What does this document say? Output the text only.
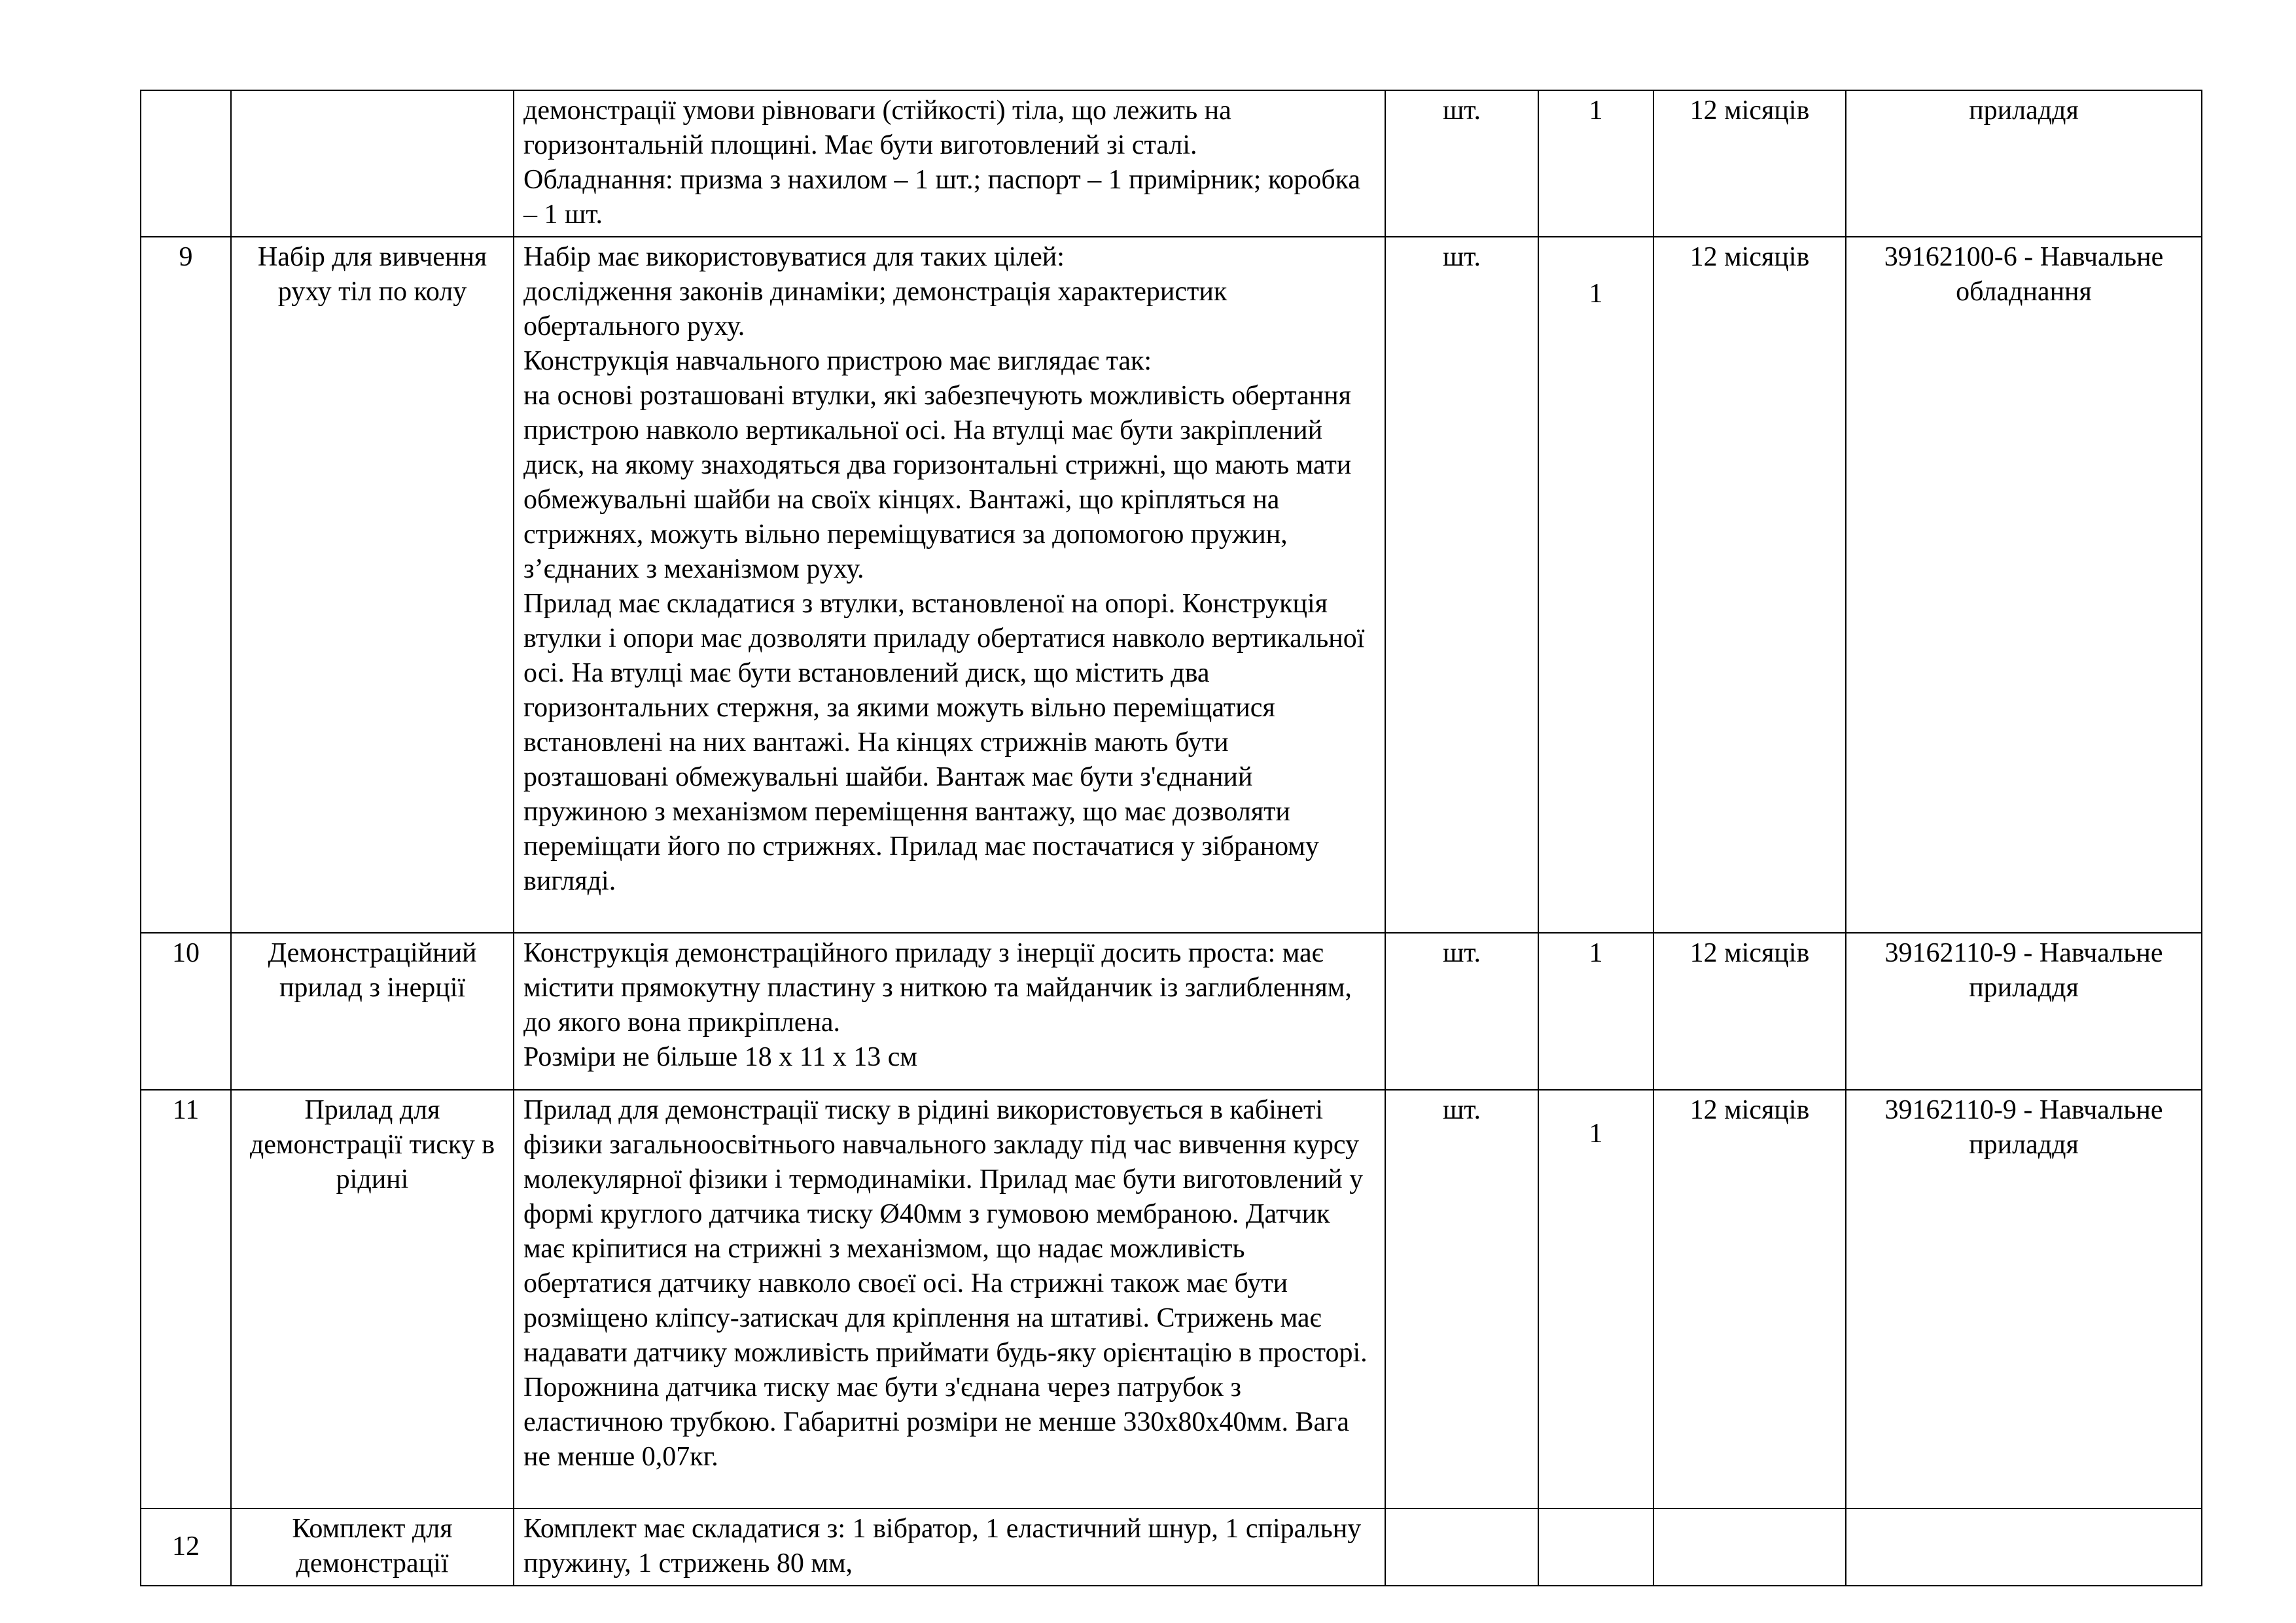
		демонстрації умови рівноваги (стійкості) тіла, що лежить на горизонтальній площині. Має бути виготовлений зі сталі.
Обладнання: призма з нахилом – 1 шт.; паспорт – 1 примірник; коробка – 1 шт.	шт.	1	12 місяців	приладдя
9	Набір для вивчення руху тіл по колу	Набір має використовуватися для таких цілей:
дослідження законів динаміки; демонстрація характеристик обертального руху.
Конструкція навчального пристрою має виглядає так:
на основі розташовані втулки, які забезпечують можливість обертання пристрою навколо вертикальної осі. На втулці має бути закріплений диск, на якому знаходяться два горизонтальні стрижні, що мають мати обмежувальні шайби на своїх кінцях. Вантажі, що кріпляться на стрижнях, можуть вільно переміщуватися за допомогою пружин, з’єднаних з механізмом руху.
Прилад має складатися з втулки, встановленої на опорі. Конструкція втулки і опори має дозволяти приладу обертатися навколо вертикальної осі. На втулці має бути встановлений диск, що містить два горизонтальних стержня, за якими можуть вільно переміщатися встановлені на них вантажі. На кінцях стрижнів мають бути розташовані обмежувальні шайби. Вантаж має бути з'єднаний пружиною з механізмом переміщення вантажу, що має дозволяти переміщати його по стрижнях. Прилад має постачатися у зібраному вигляді.	шт.	1	12 місяців	39162100-6 - Навчальне обладнання
10	Демонстраційний прилад з інерції	Конструкція демонстраційного приладу з інерції досить проста: має містити прямокутну пластину з ниткою та майданчик із заглибленням, до якого вона прикріплена.
Розміри не більше 18 х 11 х 13 см	шт.	1	12 місяців	39162110-9 - Навчальне приладдя
11	Прилад для демонстрації тиску в рідині	Прилад для демонстрації тиску в рідині використовується в кабінеті фізики загальноосвітнього навчального закладу під час вивчення курсу молекулярної фізики і термодинаміки. Прилад має бути виготовлений у формі круглого датчика тиску Ø40мм з гумовою мембраною. Датчик має кріпитися на стрижні з механізмом, що надає можливість обертатися датчику навколо своєї осі. На стрижні також має бути розміщено кліпсу-затискач для кріплення на штативі. Стрижень має надавати датчику можливість приймати будь-яку орієнтацію в просторі.
Порожнина датчика тиску має бути з'єднана через патрубок з еластичною трубкою. Габаритні розміри не менше 330х80х40мм. Вага не менше 0,07кг.	шт.	1	12 місяців	39162110-9 - Навчальне приладдя
12	Комплект для демонстрації	Комплект має складатися з: 1 вібратор, 1 еластичний шнур, 1 спіральну пружину, 1 стрижень 80 мм,				
